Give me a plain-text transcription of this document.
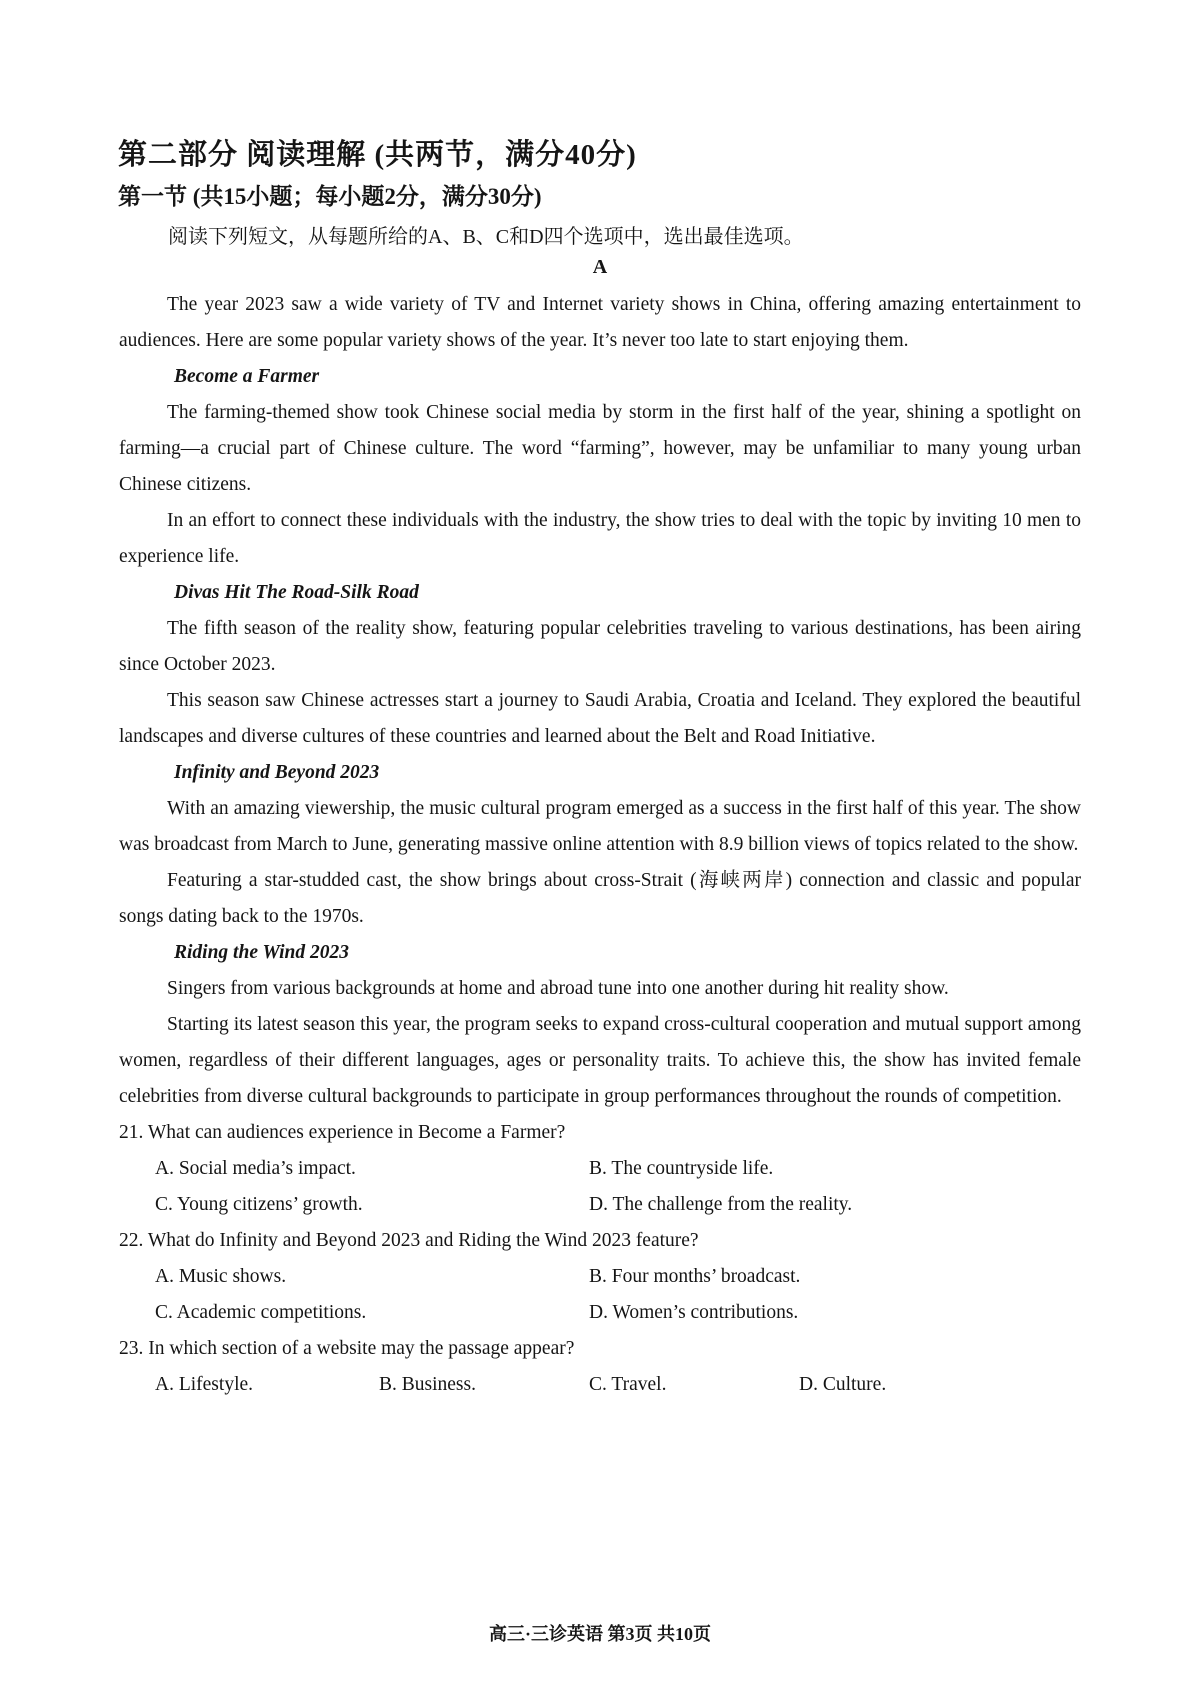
第二部分 阅读理解 (共两节，满分40分)
第一节 (共15小题；每小题2分，满分30分)
阅读下列短文，从每题所给的A、B、C和D四个选项中，选出最佳选项。
A

The year 2023 saw a wide variety of TV and Internet variety shows in China, offering amazing entertainment to audiences. Here are some popular variety shows of the year. It’s never too late to start enjoying them.

Become a Farmer

The farming-themed show took Chinese social media by storm in the first half of the year, shining a spotlight on farming—a crucial part of Chinese culture. The word “farming”, however, may be unfamiliar to many young urban Chinese citizens.

In an effort to connect these individuals with the industry, the show tries to deal with the topic by inviting 10 men to experience life.

Divas Hit The Road-Silk Road

The fifth season of the reality show, featuring popular celebrities traveling to various destinations, has been airing since October 2023.

This season saw Chinese actresses start a journey to Saudi Arabia, Croatia and Iceland. They explored the beautiful landscapes and diverse cultures of these countries and learned about the Belt and Road Initiative.

Infinity and Beyond 2023

With an amazing viewership, the music cultural program emerged as a success in the first half of this year. The show was broadcast from March to June, generating massive online attention with 8.9 billion views of topics related to the show.

Featuring a star-studded cast, the show brings about cross-Strait (海峡两岸) connection and classic and popular songs dating back to the 1970s.

Riding the Wind 2023

Singers from various backgrounds at home and abroad tune into one another during hit reality show.

Starting its latest season this year, the program seeks to expand cross-cultural cooperation and mutual support among women, regardless of their different languages, ages or personality traits. To achieve this, the show has invited female celebrities from diverse cultural backgrounds to participate in group performances throughout the rounds of competition.

21. What can audiences experience in Become a Farmer?
A. Social media’s impact.	B. The countryside life.
C. Young citizens’ growth.	D. The challenge from the reality.
22. What do Infinity and Beyond 2023 and Riding the Wind 2023 feature?
A. Music shows.	B. Four months’ broadcast.
C. Academic competitions.	D. Women’s contributions.
23. In which section of a website may the passage appear?
A. Lifestyle.	B. Business.	C. Travel.	D. Culture.
高三·三诊英语 第3页 共10页
